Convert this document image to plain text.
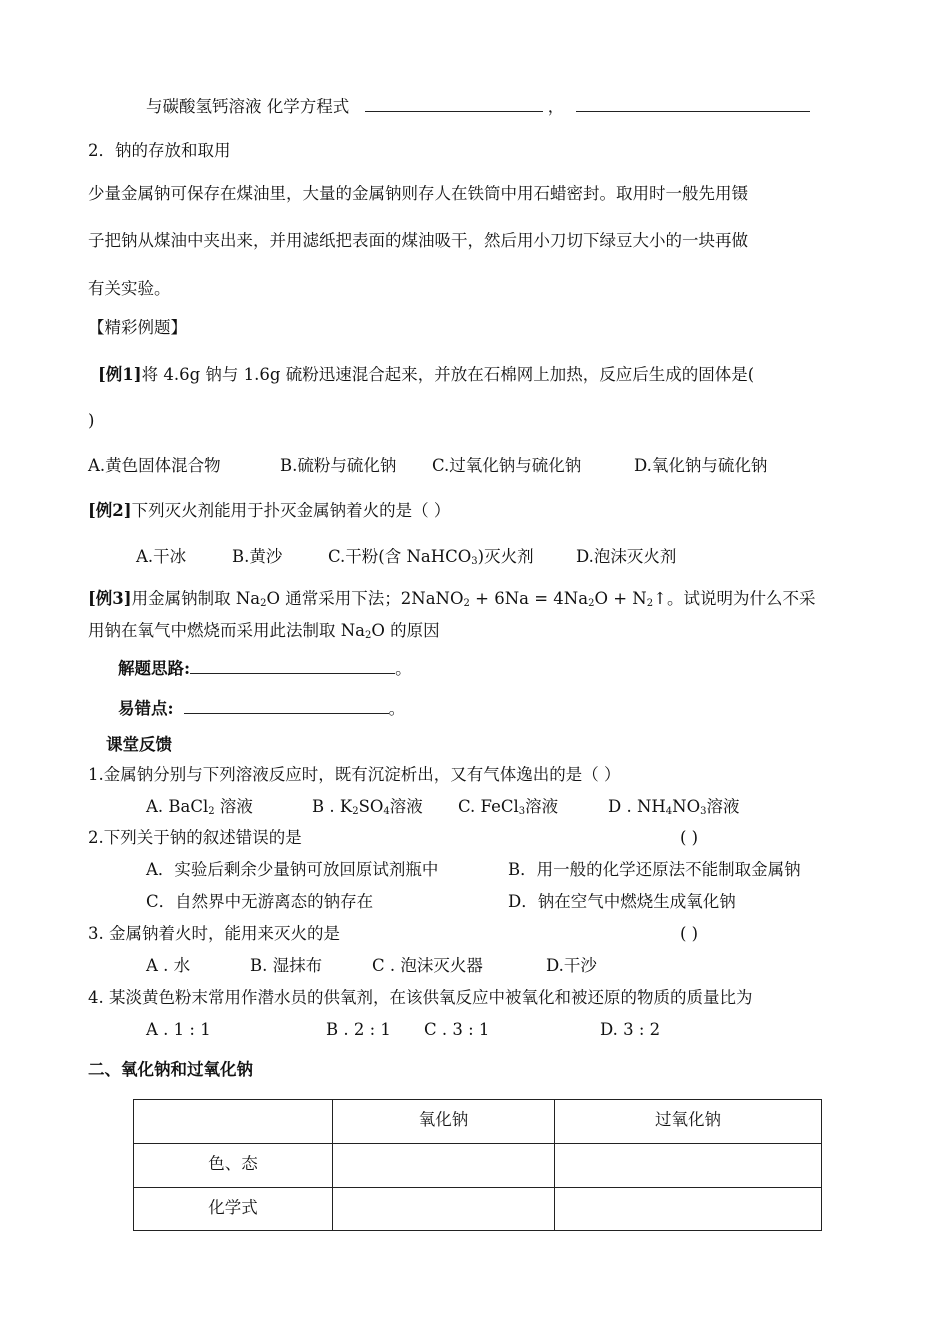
与碳酸氢钙溶液 化学方程式	，
2．钠的存放和取用
少量金属钠可保存在煤油里，大量的金属钠则存人在铁筒中用石蜡密封。取用时一般先用镊
子把钠从煤油中夹出来，并用滤纸把表面的煤油吸干，然后用小刀切下绿豆大小的一块再做
有关实验。
【精彩例题】
[例1]将 4.6g 钠与 1.6g 硫粉迅速混合起来，并放在石棉网上加热，反应后生成的固体是(
)
A.黄色固体混合物	B.硫粉与硫化钠 C.过氧化钠与硫化钠	D.氧化钠与硫化钠
[例2]下列灭火剂能用于扑灭金属钠着火的是（ ）
A.干冰	B.黄沙	C.干粉(含 NaHCO$_3$)灭火剂	D.泡沫灭火剂
[例3]用金属钠制取 $Na_2O$ 通常采用下法；2NaNO$_2$ + $6Na = 4Na_2O$ + $N_2↑$。试说明为什么不采
用钠在氧气中燃烧而采用此法制取 $Na_2O$ 的原因
解题思路:	。
易错点:	。
课堂反馈
1.金属钠分别与下列溶液反应时，既有沉淀析出，又有气体逸出的是（ ）
A. BaCl$_2$ 溶液	B . $K_2SO_4$溶液 C. FeCl$_3$溶液	D . $NH_4NO_3$溶液
2.下列关于钠的叙述错误的是	( )
A．实验后剩余少量钠可放回原试剂瓶中	B．用一般的化学还原法不能制取金属钠
C．自然界中无游离态的钠存在	D．钠在空气中燃烧生成氧化钠
3. 金属钠着火时，能用来灭火的是	( )
A . 水	B. 湿抹布	C . 泡沫灭火器	D.干沙
4. 某淡黄色粉末常用作潜水员的供氧剂，在该供氧反应中被氧化和被还原的物质的质量比为
A . 1 : 1	B . 2 : 1 C . 3 : 1	D. 3 : 2
二、氧化钠和过氧化钠
	氧化钠	过氧化钠
色、态		
化学式		
